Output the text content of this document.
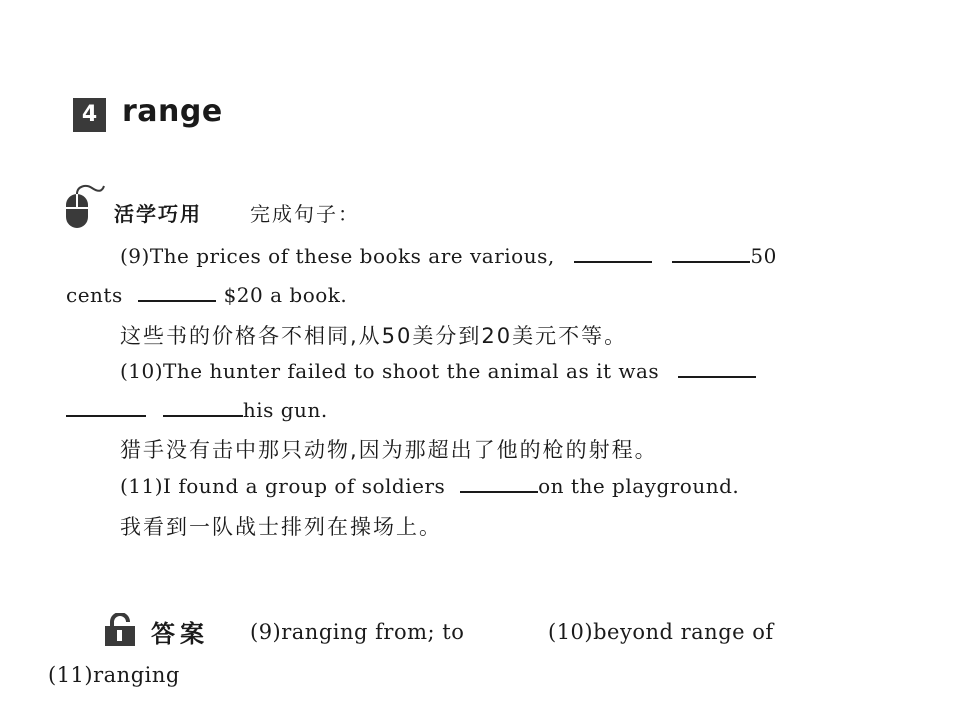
4 range
活学巧用 完成句子：
(9)The prices of these books are various,	50
cents	$20 a book.
这些书的价格各不相同,从50美分到20美元不等。
(10)The hunter failed to shoot the animal as it was
his gun.
猎手没有击中那只动物,因为那超出了他的枪的射程。
(11)I found a group of soldiers	on the playground.
我看到一队战士排列在操场上。
答案 (9)ranging from; to	(10)beyond range of
(11)ranging
